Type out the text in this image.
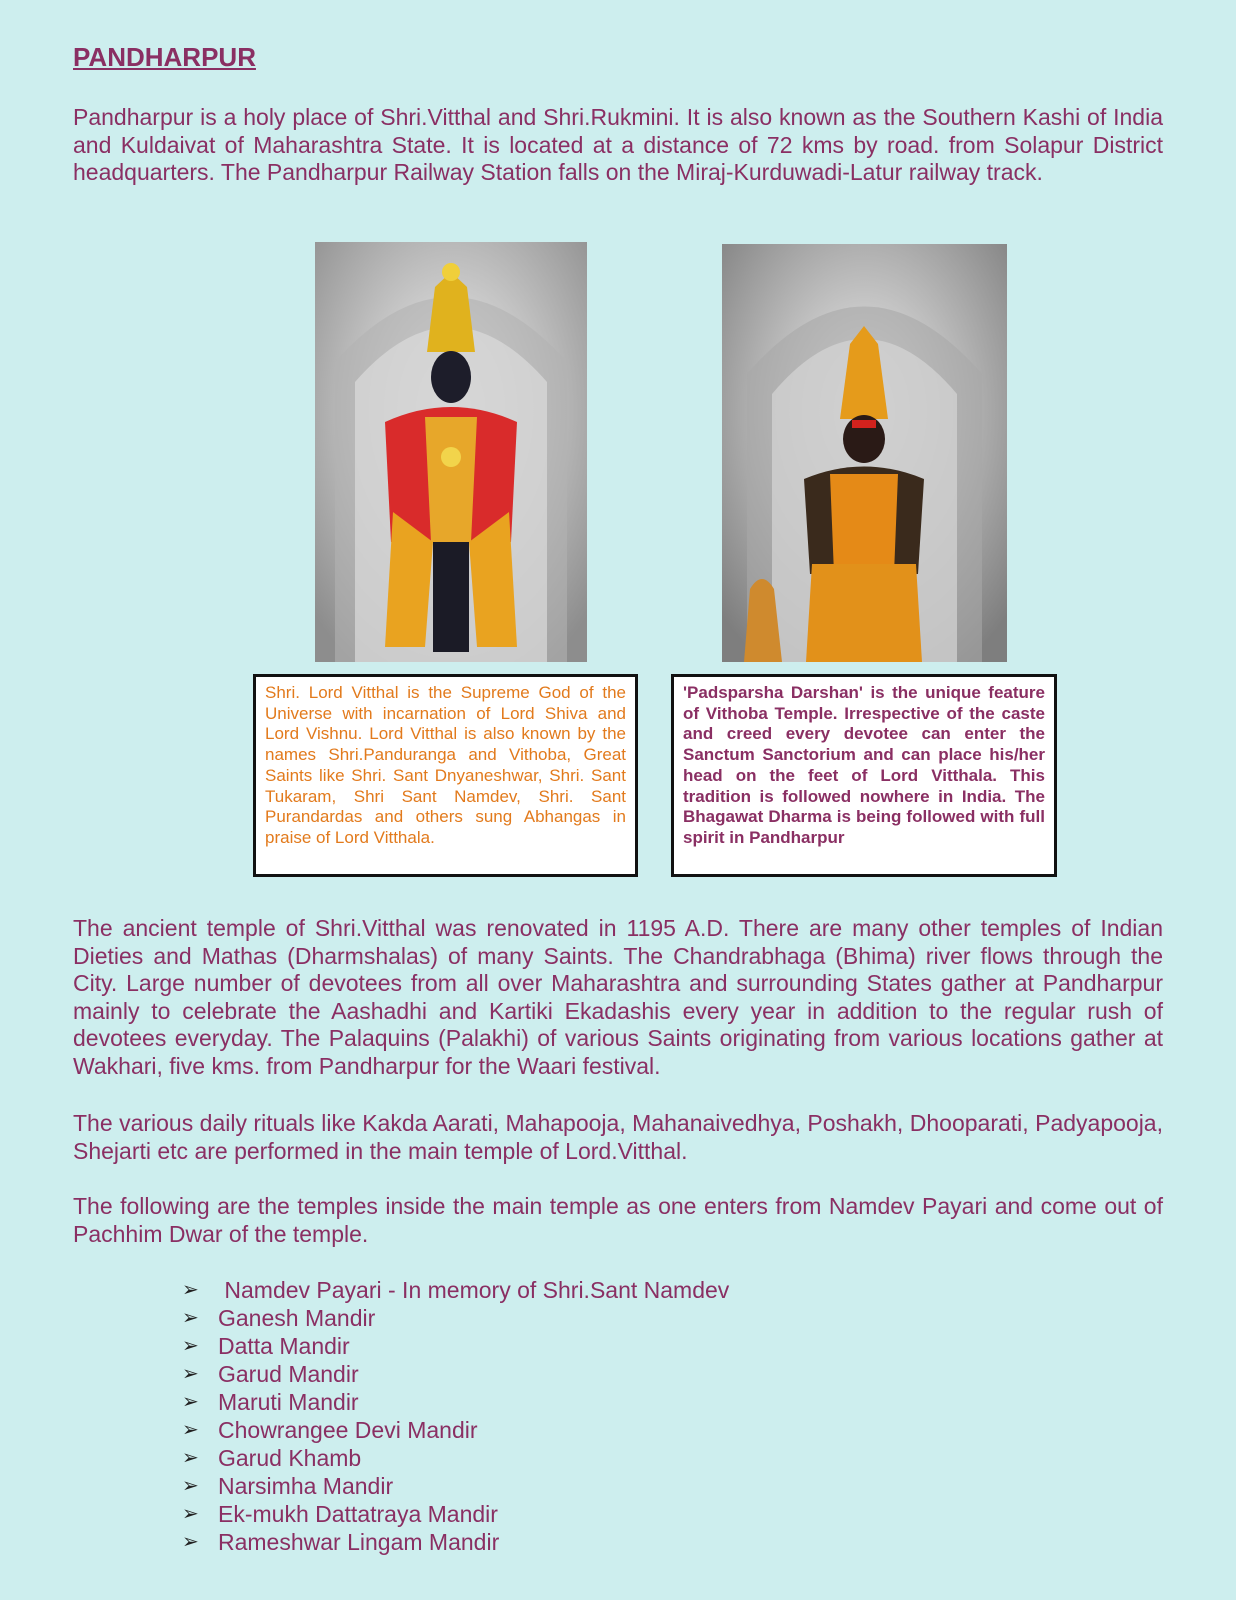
PANDHARPUR

Pandharpur is a holy place of Shri.Vitthal and Shri.Rukmini. It is also known as the Southern Kashi of India and Kuldaivat of Maharashtra State. It is located at a distance of 72 kms by road. from Solapur District headquarters. The Pandharpur Railway Station falls on the Miraj-Kurduwadi-Latur railway track.

Shri. Lord Vitthal is the Supreme God of the Universe with incarnation of Lord Shiva and Lord Vishnu. Lord Vitthal is also known by the names Shri.Panduranga and Vithoba, Great Saints like Shri. Sant Dnyaneshwar, Shri. Sant Tukaram, Shri Sant Namdev, Shri. Sant Purandardas and others sung Abhangas in praise of Lord Vitthala.

'Padsparsha Darshan' is the unique feature of Vithoba Temple. Irrespective of the caste and creed every devotee can enter the Sanctum Sanctorium and can place his/her head on the feet of Lord Vitthala. This tradition is followed nowhere in India. The Bhagawat Dharma is being followed with full spirit in Pandharpur

The ancient temple of Shri.Vitthal was renovated in 1195 A.D. There are many other temples of Indian Dieties and Mathas (Dharmshalas) of many Saints. The Chandrabhaga (Bhima) river flows through the City. Large number of devotees from all over Maharashtra and surrounding States gather at Pandharpur mainly to celebrate the Aashadhi and Kartiki Ekadashis every year in addition to the regular rush of devotees everyday. The Palaquins (Palakhi) of various Saints originating from various locations gather at Wakhari, five kms. from Pandharpur for the Waari festival.

The various daily rituals like Kakda Aarati, Mahapooja, Mahanaivedhya, Poshakh, Dhooparati, Padyapooja, Shejarti etc are performed in the main temple of Lord.Vitthal.

The following are the temples inside the main temple as one enters from Namdev Payari and come out of Pachhim Dwar of the temple.

➢ Namdev Payari - In memory of Shri.Sant Namdev
➢ Ganesh Mandir
➢ Datta Mandir
➢ Garud Mandir
➢ Maruti Mandir
➢ Chowrangee Devi Mandir
➢ Garud Khamb
➢ Narsimha Mandir
➢ Ek-mukh Dattatraya Mandir
➢ Rameshwar Lingam Mandir
